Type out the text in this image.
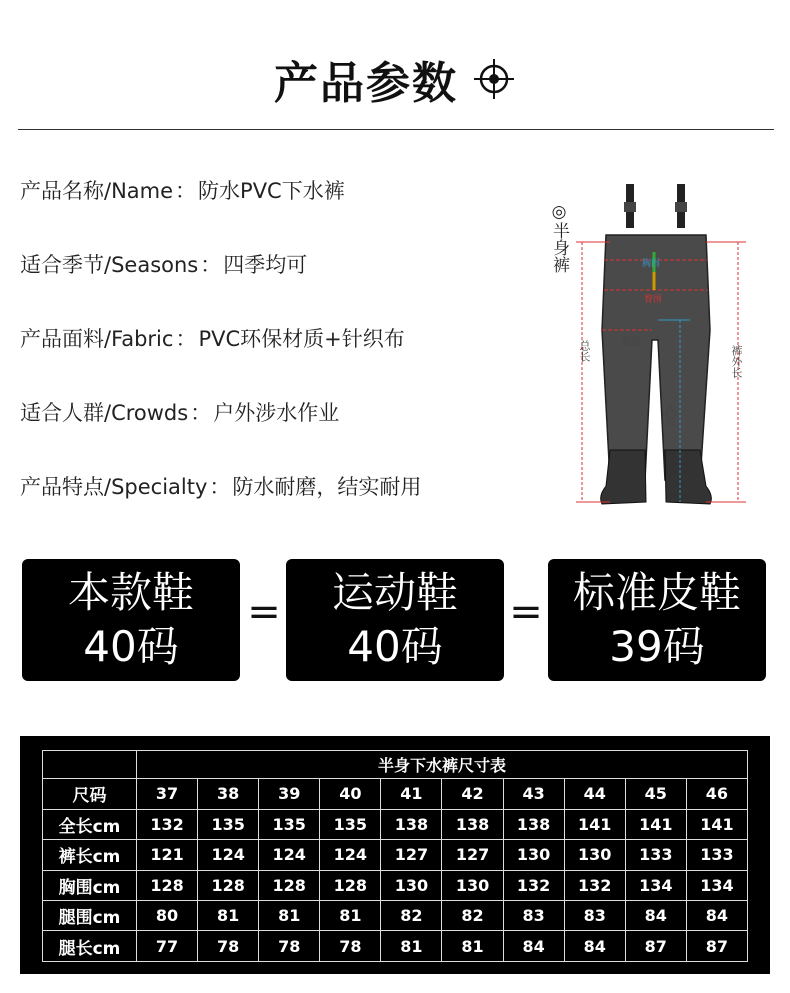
产品参数
产品名称/Name：防水PVC下水裤
适合季节/Seasons：四季均可
产品面料/Fabric：PVC环保材质+针织布
适合人群/Crowds：户外涉水作业
产品特点/Specialty：防水耐磨，结实耐用
◎半身裤
总长	裤外长
内长
胸围
臀围
腿围
本款鞋
40码
= 运动鞋
40码
= 标准皮鞋
39码
	半身下水裤尺寸表									
尺码	37	38	39	40	41	42	43	44	45	46
全长cm	132	135	135	135	138	138	138	141	141	141
裤长cm	121	124	124	124	127	127	130	130	133	133
胸围cm	128	128	128	128	130	130	132	132	134	134
腿围cm	80	81	81	81	82	82	83	83	84	84
腿长cm	77	78	78	78	81	81	84	84	87	87
